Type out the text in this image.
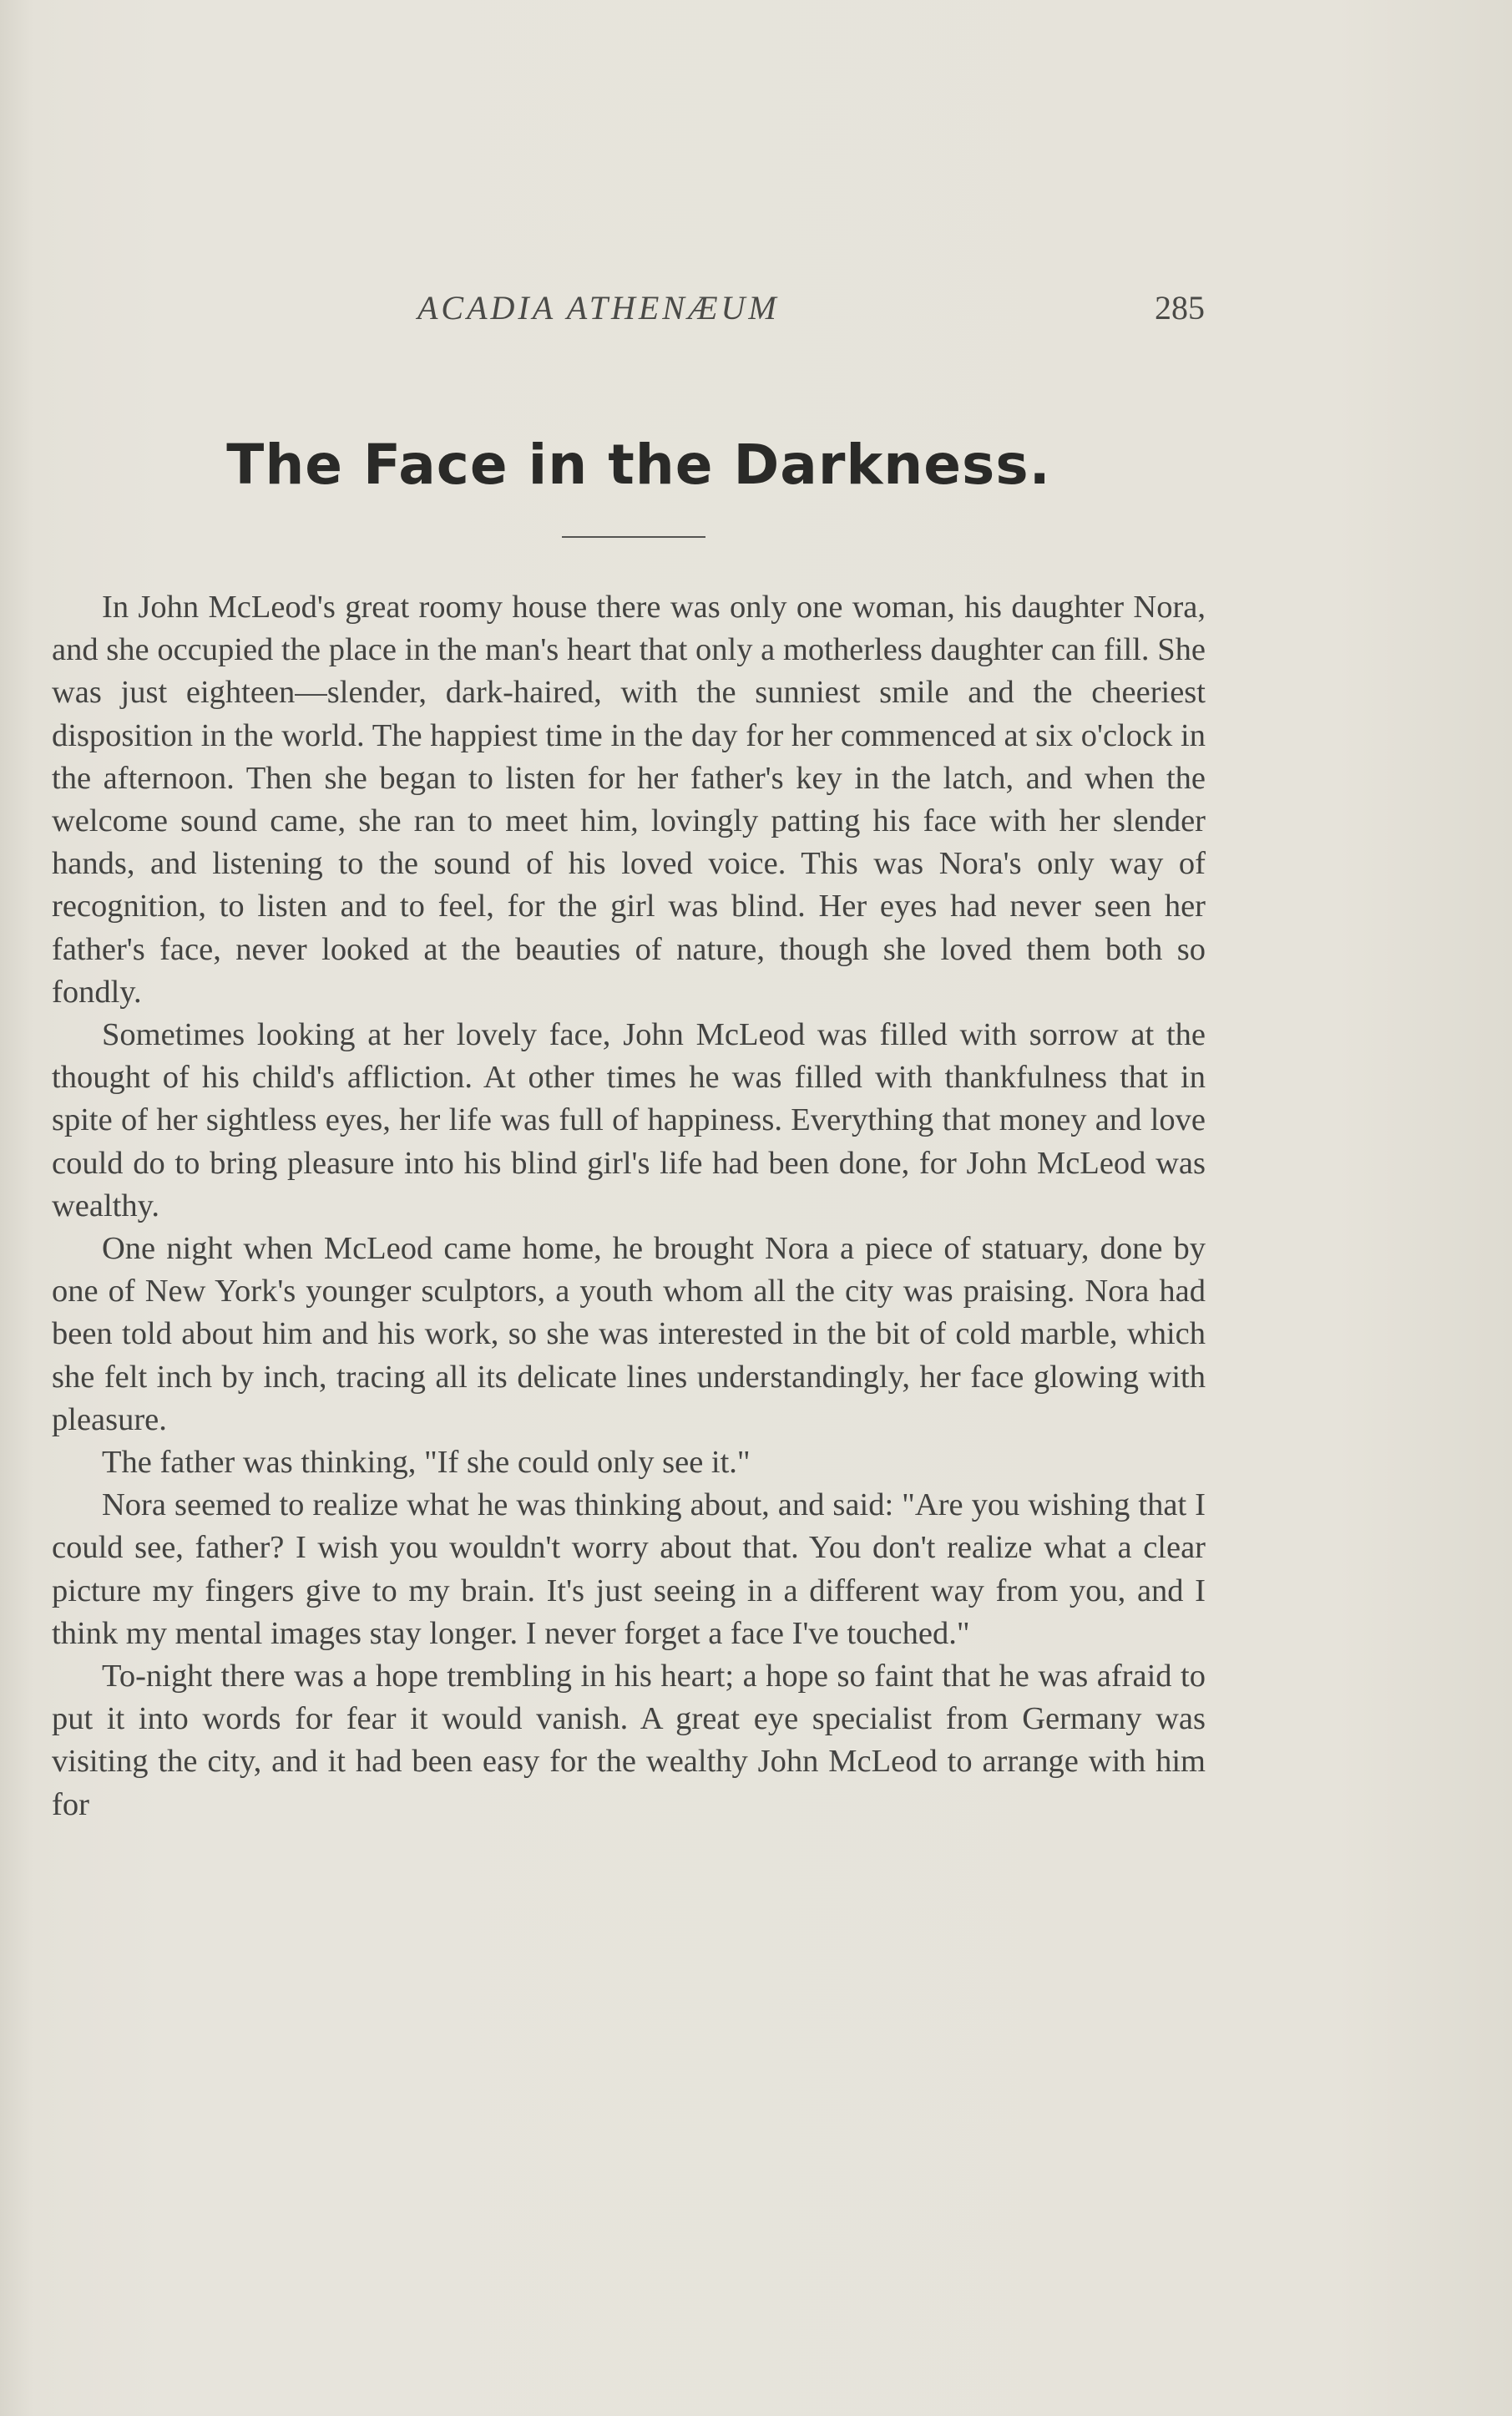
ACADIA ATHENÆUM	285
The Face in the Darkness.

In John McLeod's great roomy house there was only one woman, his daughter Nora, and she occupied the place in the man's heart that only a motherless daughter can fill. She was just eighteen—slender, dark-haired, with the sunniest smile and the cheeriest disposition in the world. The happiest time in the day for her commenced at six o'clock in the afternoon. Then she began to listen for her father's key in the latch, and when the welcome sound came, she ran to meet him, lovingly patting his face with her slender hands, and listening to the sound of his loved voice. This was Nora's only way of recognition, to listen and to feel, for the girl was blind. Her eyes had never seen her father's face, never looked at the beauties of nature, though she loved them both so fondly.

Sometimes looking at her lovely face, John McLeod was filled with sorrow at the thought of his child's affliction. At other times he was filled with thankfulness that in spite of her sightless eyes, her life was full of happiness. Everything that money and love could do to bring pleasure into his blind girl's life had been done, for John McLeod was wealthy.

One night when McLeod came home, he brought Nora a piece of statuary, done by one of New York's younger sculptors, a youth whom all the city was praising. Nora had been told about him and his work, so she was interested in the bit of cold marble, which she felt inch by inch, tracing all its delicate lines understandingly, her face glowing with pleasure.

The father was thinking, "If she could only see it."

Nora seemed to realize what he was thinking about, and said: "Are you wishing that I could see, father? I wish you wouldn't worry about that. You don't realize what a clear picture my fingers give to my brain. It's just seeing in a different way from you, and I think my mental images stay longer. I never forget a face I've touched."

To-night there was a hope trembling in his heart; a hope so faint that he was afraid to put it into words for fear it would vanish. A great eye specialist from Germany was visiting the city, and it had been easy for the wealthy John McLeod to arrange with him for
